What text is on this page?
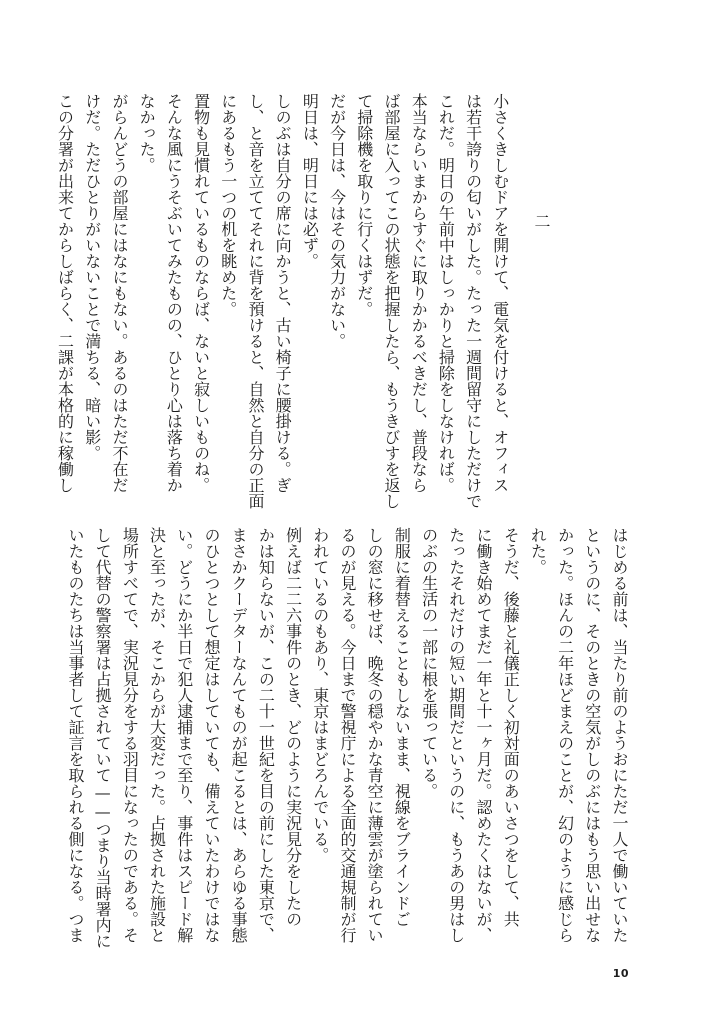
二

小さくきしむドアを開けて、電気を付けると、オフィス

は若干誇りの匂いがした。たった一週間留守にしただけで

これだ。明日の午前中はしっかりと掃除をしなければ。

本当ならいまからすぐに取りかかるべきだし、普段なら

ば部屋に入ってこの状態を把握したら、もうきびすを返し

て掃除機を取りに行くはずだ。

だが今日は、今はその気力がない。

明日は、明日には必ず。

しのぶは自分の席に向かうと、古い椅子に腰掛ける。ぎ

し、と音を立ててそれに背を預けると、自然と自分の正面

にあるもう一つの机を眺めた。

置物も見慣れているものならば、ないと寂しいものね。

そんな風にうそぶいてみたものの、ひとり心は落ち着か

なかった。

がらんどうの部屋にはなにもない。あるのはただ不在だ

けだ。ただひとりがいないことで満ちる、暗い影。

この分署が出来てからしばらく、二課が本格的に稼働し

はじめる前は、当たり前のようおにただ一人で働いていた

というのに、そのときの空気がしのぶにはもう思い出せな

かった。ほんの二年ほどまえのことが、幻のように感じら

れた。

そうだ、後藤と礼儀正しく初対面のあいさつをして、共

に働き始めてまだ一年と十一ヶ月だ。認めたくはないが、

たったそれだけの短い期間だというのに、もうあの男はし

のぶの生活の一部に根を張っている。

制服に着替えることもしないまま、視線をブラインドご

しの窓に移せば、晩冬の穏やかな青空に薄雲が塗られてい

るのが見える。今日まで警視庁による全面的交通規制が行

われているのもあり、東京はまどろんでいる。

例えば二二六事件のとき、どのように実況見分をしたの

かは知らないが、この二十一世紀を目の前にした東京で、

まさかクーデターなんてものが起こるとは、あらゆる事態

のひとつとして想定はしていても、備えていたわけではな

い。どうにか半日で犯人逮捕まで至り、事件はスピード解

決と至ったが、そこからが大変だった。占拠された施設と

場所すべてで、実況見分をする羽目になったのである。そ

して代替の警察署は占拠されていて——つまり当時署内に

いたものたちは当事者して証言を取られる側になる。つま

10
